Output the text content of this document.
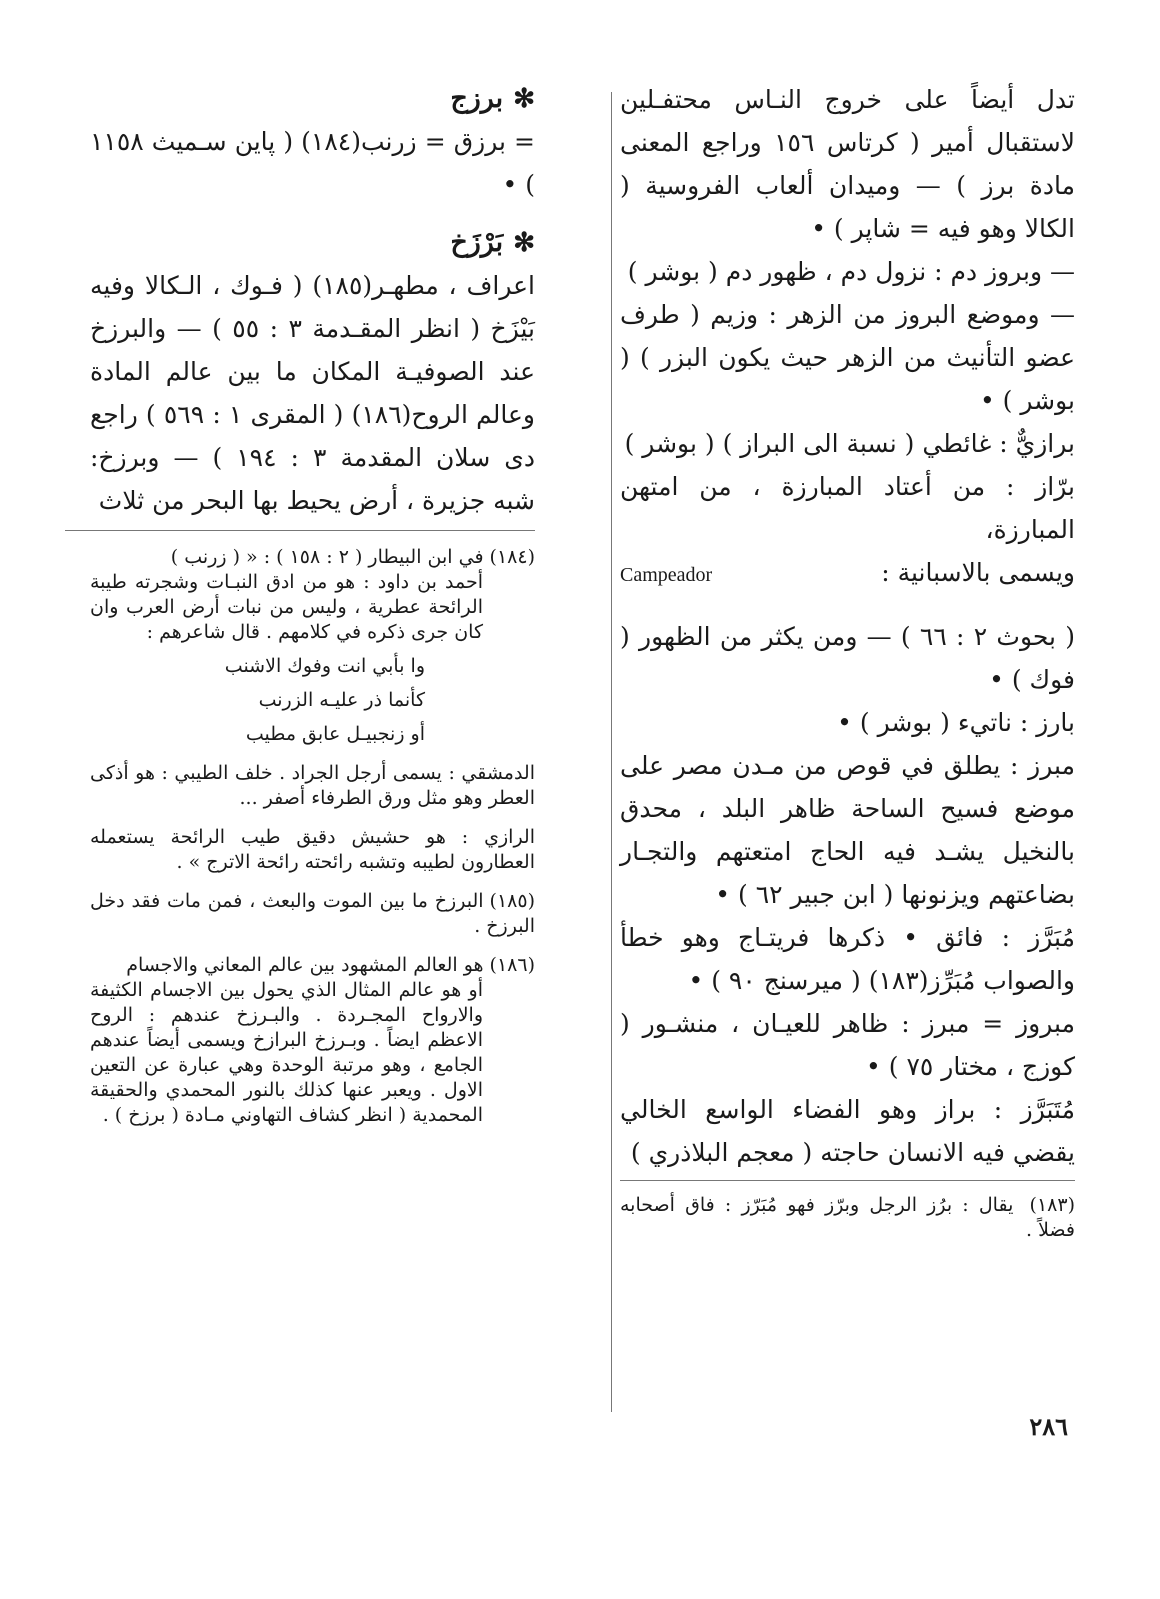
تدل أيضاً على خروج النـاس محتفـلين لاستقبال أمير ( كرتاس ١٥٦ وراجع المعنى مادة برز ) — وميدان ألعاب الفروسية ( الكالا وهو فيه = شاپر ) •

— وبروز دم : نزول دم ، ظهور دم ( بوشر )

— وموضع البروز من الزهر : وزيم ( طرف عضو التأنيث من الزهر حيث يكون البزر ) ( بوشر ) •

برازيٌّ : غائطي ( نسبة الى البراز ) ( بوشر )

برّاز : من أعتاد المبارزة ، من امتهن المبارزة،

ويسمى بالاسبانية :
Campeador

( بحوث ٢ : ٦٦ ) — ومن يكثر من الظهور ( فوك ) •

بارز : ناتيء ( بوشر ) •

مبرز : يطلق في قوص من مـدن مصر على موضع فسيح الساحة ظاهر البلد ، محدق بالنخيل يشـد فيه الحاج امتعتهم والتجـار بضاعتهم ويزنونها ( ابن جبير ٦٢ ) •

مُبَرَّز : فائق • ذكرها فريتـاج وهو خطأ والصواب مُبَرِّز(١٨٣) ( ميرسنج ٩٠ ) •

مبروز = مبرز : ظاهر للعيـان ، منشـور ( كوزج ، مختار ٧٥ ) •

مُتَبَرَّز : براز وهو الفضاء الواسع الخالي يقضي فيه الانسان حاجته ( معجم البلاذري )

(١٨٣) يقال : برُز الرجل وبرّز فهو مُبَرّز : فاق أصحابه فضلاً .

✻برزج

= برزق = زرنب(١٨٤) ( پاين سـميث ١١٥٨ ) •

✻بَرْزَخ

اعراف ، مطهـر(١٨٥) ( فـوك ، الـكالا وفيه بَيْزَخ ( انظر المقـدمة ٣ : ٥٥ ) — والبرزخ عند الصوفيـة المكان ما بين عالم المادة وعالم الروح(١٨٦) ( المقرى ١ : ٥٦٩ ) راجع دى سلان المقدمة ٣ : ١٩٤ ) — وبرزخ: شبه جزيرة ، أرض يحيط بها البحر من ثلاث

(١٨٤)في ابن البيطار ( ٢ : ١٥٨ ) : « ( زرنب )
أحمد بن داود : هو من ادق النبـات وشجرته طيبة الرائحة عطرية ، وليس من نبات أرض العرب وان كان جرى ذكره في كلامهم . قال شاعرهم :
وا بأبي انت وفوك الاشنب
كأنما ذر عليـه الزرنب
أو زنجبيـل عابق مطيب

الدمشقي : يسمى أرجل الجراد . خلف الطيبي : هو أذكى العطر وهو مثل ورق الطرفاء أصفر ...

الرازي : هو حشيش دقيق طيب الرائحة يستعمله العطارون لطيبه وتشبه رائحته رائحة الاترج » .

(١٨٥)البرزخ ما بين الموت والبعث ، فمن مات فقد دخل البرزخ .
(١٨٦)هو العالم المشهود بين عالم المعاني والاجسام
أو هو عالم المثال الذي يحول بين الاجسام الكثيفة والارواح المجـردة . والبـرزخ عندهم : الروح الاعظم ايضاً . وبـرزخ البرازخ ويسمى أيضاً عندهم الجامع ، وهو مرتبة الوحدة وهي عبارة عن التعين الاول . ويعبر عنها كذلك بالنور المحمدي والحقيقة المحمدية ( انظر كشاف التهاوني مـادة ( برزخ ) .
٢٨٦
